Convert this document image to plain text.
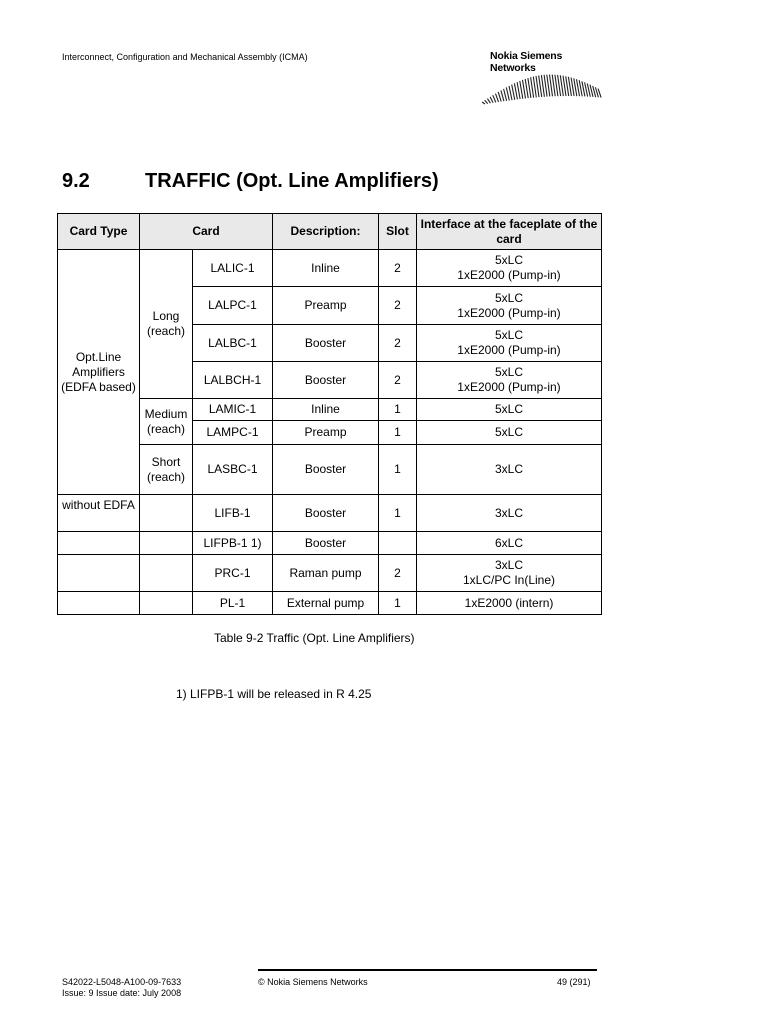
Interconnect, Configuration and Mechanical Assembly (ICMA)	Nokia Siemens
Networks
9.2	TRAFFIC (Opt. Line Amplifiers)
Card Type	Card		Description:	Slot	Interface at the faceplate of the card
Opt.Line Amplifiers (EDFA based)	Long (reach)	LALIC-1	Inline	2	5xLC
1xE2000 (Pump-in)

		LALPC-1	Preamp	2	5xLC
1xE2000 (Pump-in)

		LALBC-1	Booster	2	5xLC
1xE2000 (Pump-in)

		LALBCH-1	Booster	2	5xLC
1xE2000 (Pump-in)

	Medium (reach)	LAMIC-1	Inline	1	5xLC
		LAMPC-1	Preamp	1	5xLC
	Short (reach)	LASBC-1	Booster	1	3xLC
without EDFA		LIFB-1	Booster	1	3xLC
		LIFPB-1 1)	Booster		6xLC
		PRC-1	Raman pump	2	3xLC
1xLC/PC In(Line)

		PL-1	External pump	1	1xE2000 (intern)
Table 9-2 Traffic (Opt. Line Amplifiers)
1) LIFPB-1 will be released in R 4.25
S42022-L5048-A100-09-7633
Issue: 9 Issue date: July 2008
© Nokia Siemens Networks	49 (291)
